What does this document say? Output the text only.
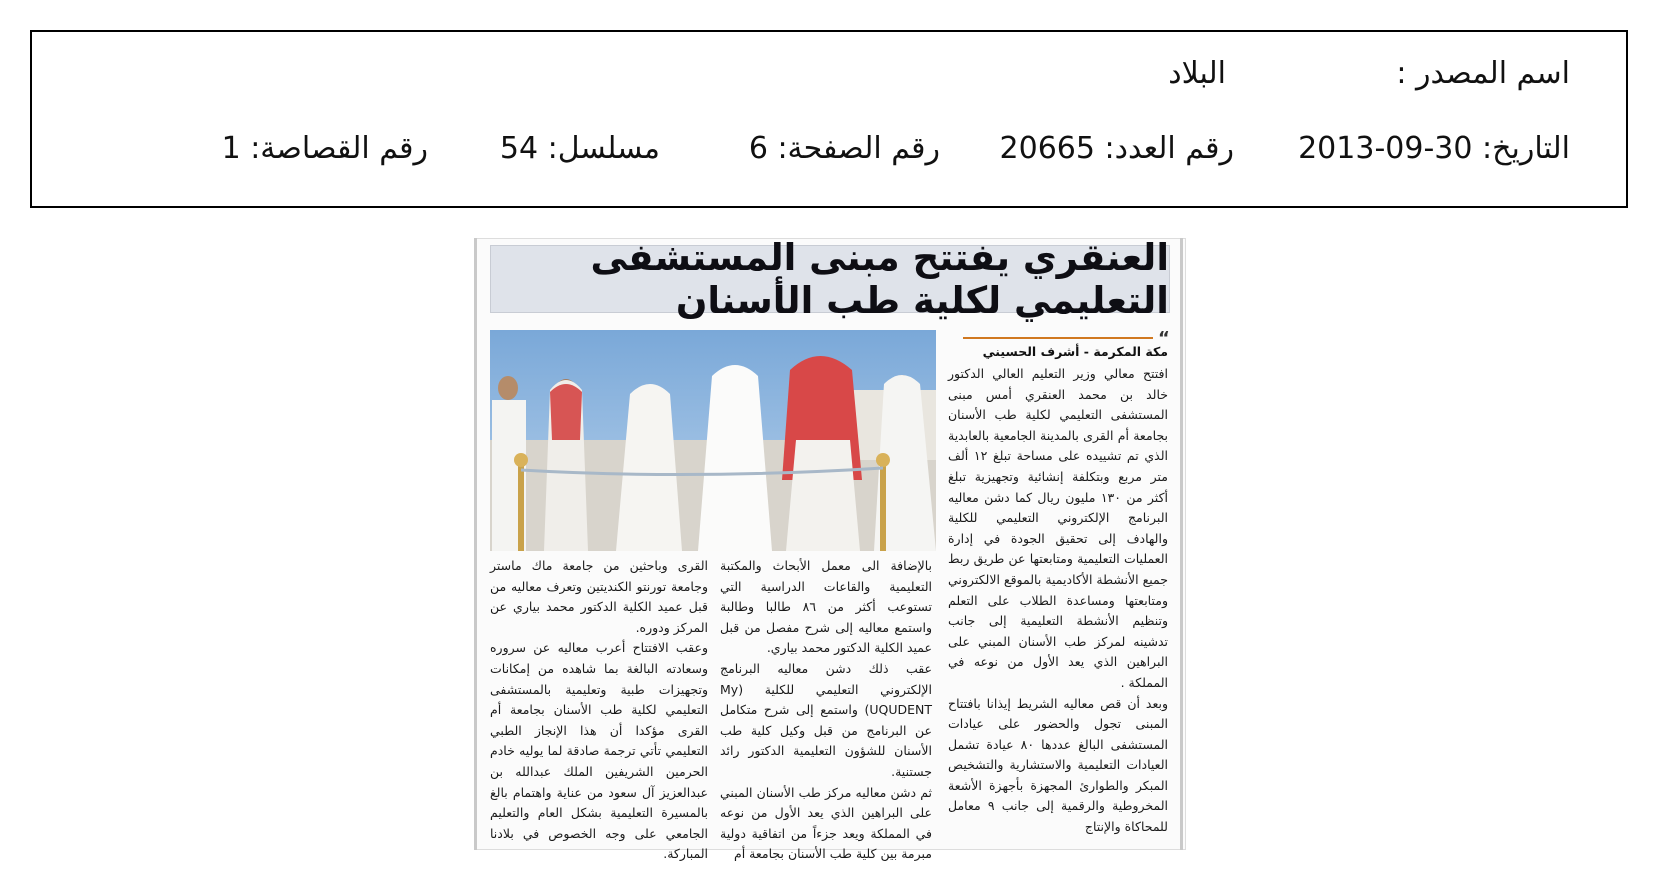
اسم المصدر :
البلاد
التاريخ: 30-09-2013
رقم العدد: 20665
رقم الصفحة: 6
مسلسل: 54
رقم القصاصة: 1
العنقري يفتتح مبنى المستشفى التعليمي لكلية طب الأسنان
“
مكة المكرمة - أشرف الحسيني

افتتح معالي وزير التعليم العالي الدكتور خالد بن محمد العنقري أمس مبنى المستشفى التعليمي لكلية طب الأسنان بجامعة أم القرى بالمدينة الجامعية بالعابدية الذي تم تشييده على مساحة تبلغ ١٢ ألف متر مربع وبتكلفة إنشائية وتجهيزية تبلغ أكثر من ١٣٠ مليون ريال كما دشن معاليه البرنامج الإلكتروني التعليمي للكلية والهادف إلى تحقيق الجودة في إدارة العمليات التعليمية ومتابعتها عن طريق ربط جميع الأنشطة الأكاديمية بالموقع الالكتروني ومتابعتها ومساعدة الطلاب على التعلم وتنظيم الأنشطة التعليمية إلى جانب تدشينه لمركز طب الأسنان المبني على البراهين الذي يعد الأول من نوعه في المملكة .

وبعد أن قص معاليه الشريط إيذانا بافتتاح المبنى تجول والحضور على عيادات المستشفى البالغ عددها ٨٠ عيادة تشمل العيادات التعليمية والاستشارية والتشخيص المبكر والطوارئ المجهزة بأجهزة الأشعة المخروطية والرقمية إلى جانب ٩ معامل للمحاكاة والإنتاج

بالإضافة الى معمل الأبحاث والمكتبة التعليمية والقاعات الدراسية التي تستوعب أكثر من ٨٦ طالبا وطالبة واستمع معاليه إلى شرح مفصل من قبل عميد الكلية الدكتور محمد بياري.

عقب ذلك دشن معاليه البرنامج الإلكتروني التعليمي للكلية (My UQUDENT) واستمع إلى شرح متكامل عن البرنامج من قبل وكيل كلية طب الأسنان للشؤون التعليمية الدكتور رائد جستنية.

ثم دشن معاليه مركز طب الأسنان المبني على البراهين الذي يعد الأول من نوعه في المملكة ويعد جزءاً من اتفاقية دولية مبرمة بين كلية طب الأسنان بجامعة أم

القرى وباحثين من جامعة ماك ماستر وجامعة تورنتو الكنديتين وتعرف معاليه من قبل عميد الكلية الدكتور محمد بياري عن المركز ودوره.

وعقب الافتتاح أعرب معاليه عن سروره وسعادته البالغة بما شاهده من إمكانات وتجهيزات طبية وتعليمية بالمستشفى التعليمي لكلية طب الأسنان بجامعة أم القرى مؤكدا أن هذا الإنجاز الطبي التعليمي تأتي ترجمة صادقة لما يوليه خادم الحرمين الشريفين الملك عبدالله بن عبدالعزيز آل سعود من عناية واهتمام بالغ بالمسيرة التعليمية بشكل العام والتعليم الجامعي على وجه الخصوص في بلادنا المباركة.
